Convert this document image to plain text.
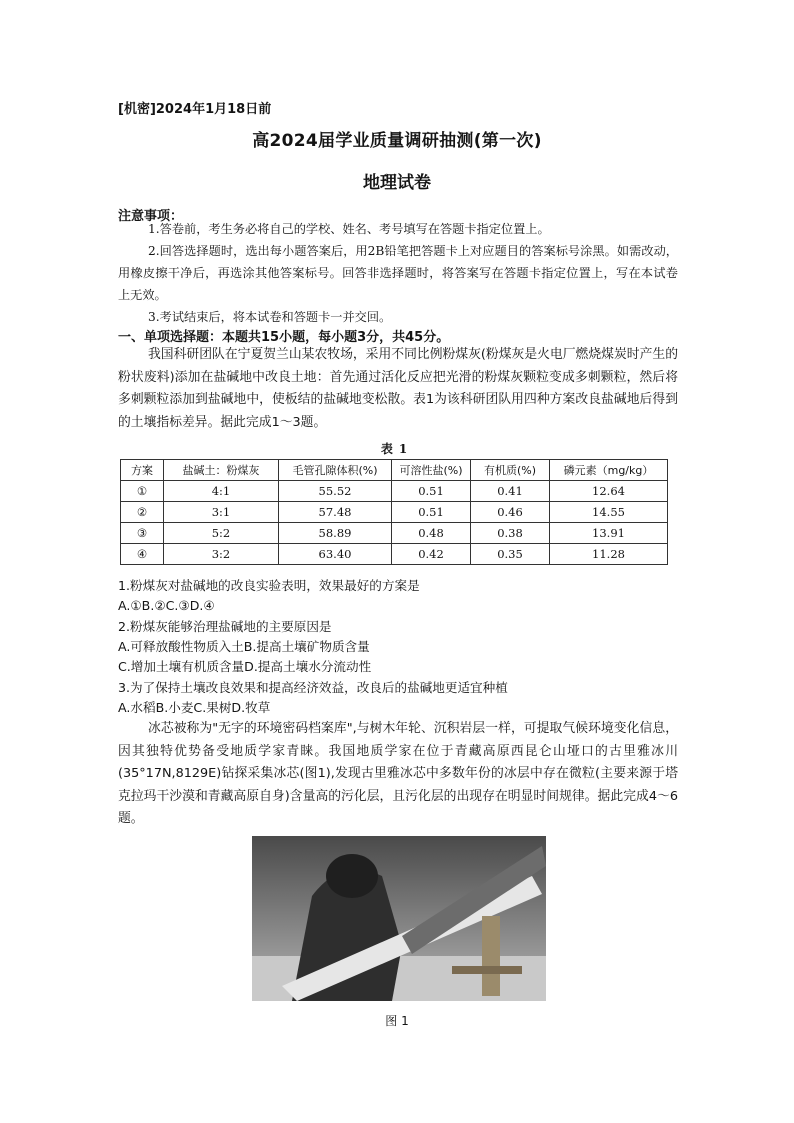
[机密]2024年1月18日前
高2024届学业质量调研抽测(第一次)
地理试卷
注意事项：
1.答卷前，考生务必将自己的学校、姓名、考号填写在答题卡指定位置上。
2.回答选择题时，选出每小题答案后，用2B铅笔把答题卡上对应题目的答案标号涂黑。如需改动，用橡皮擦干净后，再选涂其他答案标号。回答非选择题时，将答案写在答题卡指定位置上，写在本试卷上无效。
3.考试结束后，将本试卷和答题卡一并交回。
一、单项选择题：本题共15小题，每小题3分，共45分。
我国科研团队在宁夏贺兰山某农牧场，采用不同比例粉煤灰(粉煤灰是火电厂燃烧煤炭时产生的粉状废料)添加在盐碱地中改良土地：首先通过活化反应把光滑的粉煤灰颗粒变成多刺颗粒，然后将多刺颗粒添加到盐碱地中，使板结的盐碱地变松散。表1为该科研团队用四种方案改良盐碱地后得到的土壤指标差异。据此完成1～3题。
表1
方案	盐碱土：粉煤灰	毛管孔隙体积(%)	可溶性盐(%)	有机质(%)	磷元素（mg/kg）
①	4:1	55.52	0.51	0.41	12.64
②	3:1	57.48	0.51	0.46	14.55
③	5:2	58.89	0.48	0.38	13.91
④	3:2	63.40	0.42	0.35	11.28
1.粉煤灰对盐碱地的改良实验表明，效果最好的方案是
A.①B.②C.③D.④
2.粉煤灰能够治理盐碱地的主要原因是
A.可释放酸性物质入土B.提高土壤矿物质含量
C.增加土壤有机质含量D.提高土壤水分流动性
3.为了保持土壤改良效果和提高经济效益，改良后的盐碱地更适宜种植
A.水稻B.小麦C.果树D.牧草
冰芯被称为"无字的环境密码档案库",与树木年轮、沉积岩层一样，可提取气候环境变化信息，因其独特优势备受地质学家青睐。我国地质学家在位于青藏高原西昆仑山垭口的古里雅冰川(35°17N,8129E)钻探采集冰芯(图1),发现古里雅冰芯中多数年份的冰层中存在微粒(主要来源于塔克拉玛干沙漠和青藏高原自身)含量高的污化层，且污化层的出现存在明显时间规律。据此完成4～6题。
图 1
